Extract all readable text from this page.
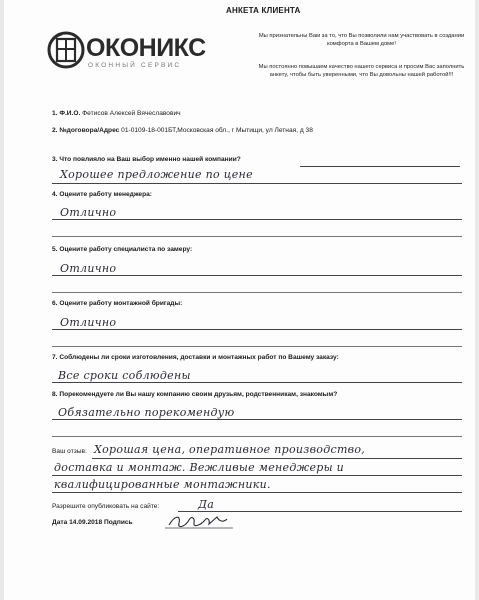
АНКЕТА КЛИЕНТА
ОКОНИКС
ОКОННЫЙ СЕРВИС
Мы признательны Вам за то, что Вы позволили нам участвовать в создании комфорта в Вашем доме!
Мы постоянно повышаем качество нашего сервиса и просим Вас заполнить анкету, чтобы быть уверенными, что Вы довольны нашей работой!!!
1. Ф.И.О. Фетисов Алексей Вячеславович
2. №договора/Адрес 01-0109-18-001БТ,Московская обл., г Мытищи, ул Летная, д 38
3. Что повлияло на Ваш выбор именно нашей компании?
Хорошее предложение по цене
4. Оцените работу менеджера:
Отлично
5. Оцените работу специалиста по замеру:
Отлично
6. Оцените работу монтажной бригады:
Отлично
7. Соблюдены ли сроки изготовления, доставки и монтажных работ по Вашему заказу:
Все сроки соблюдены
8. Порекомендуете ли Вы нашу компанию своим друзьям, родственникам, знакомым?
Обязательно порекомендую
Ваш отзыв: Хорошая цена, оперативное производство,
доставка и монтаж. Вежливые менеджеры и
квалифицированные монтажники.
Разрешите опубликовать на сайте:	Да
Дата 14.09.2018 Подпись
